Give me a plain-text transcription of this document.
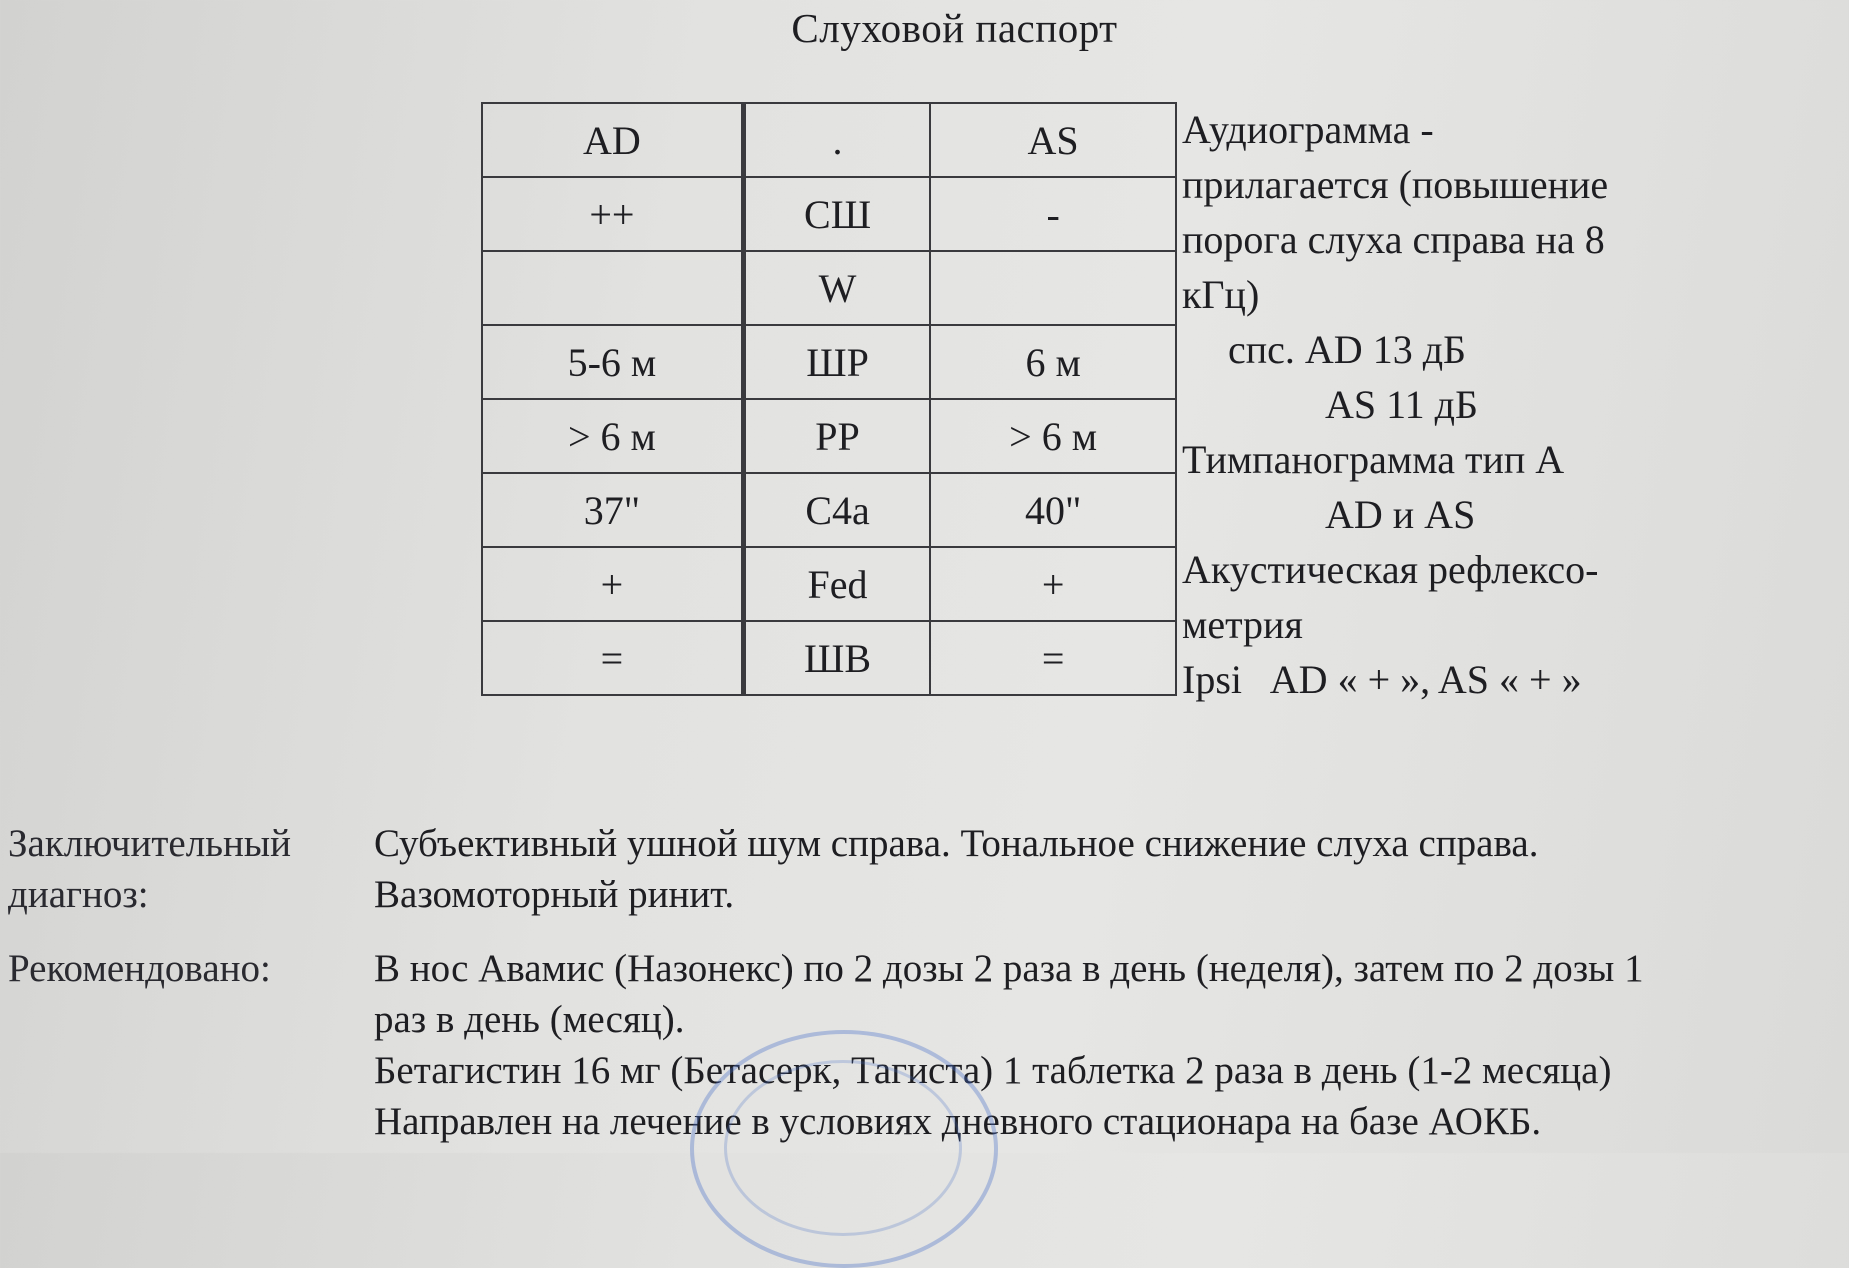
Слуховой паспорт
AD	.	AS
++	СШ	-
	W	
5-6 м	ШР	6 м
> 6 м	РР	> 6 м
37"	С4а	40"
+	Fed	+
=	ШВ	=
Аудиограмма -
прилагается (повышение
порога слуха справа на 8
кГц)
спс. AD 13 дБ
AS 11 дБ
Тимпанограмма тип А
AD и AS
Акустическая рефлексо-
метрия
Ipsi   AD « + », AS « + »
Заключительный
диагноз:
Субъективный ушной шум справа. Тональное снижение слуха справа.
Вазомоторный ринит.
Рекомендовано:	В нос Авамис (Назонекс) по 2 дозы 2 раза в день (неделя), затем по 2 дозы 1
раз в день (месяц).
Бетагистин 16 мг (Бетасерк, Тагиста) 1 таблетка 2 раза в день (1-2 месяца)
Направлен на лечение в условиях дневного стационара на базе АОКБ.
